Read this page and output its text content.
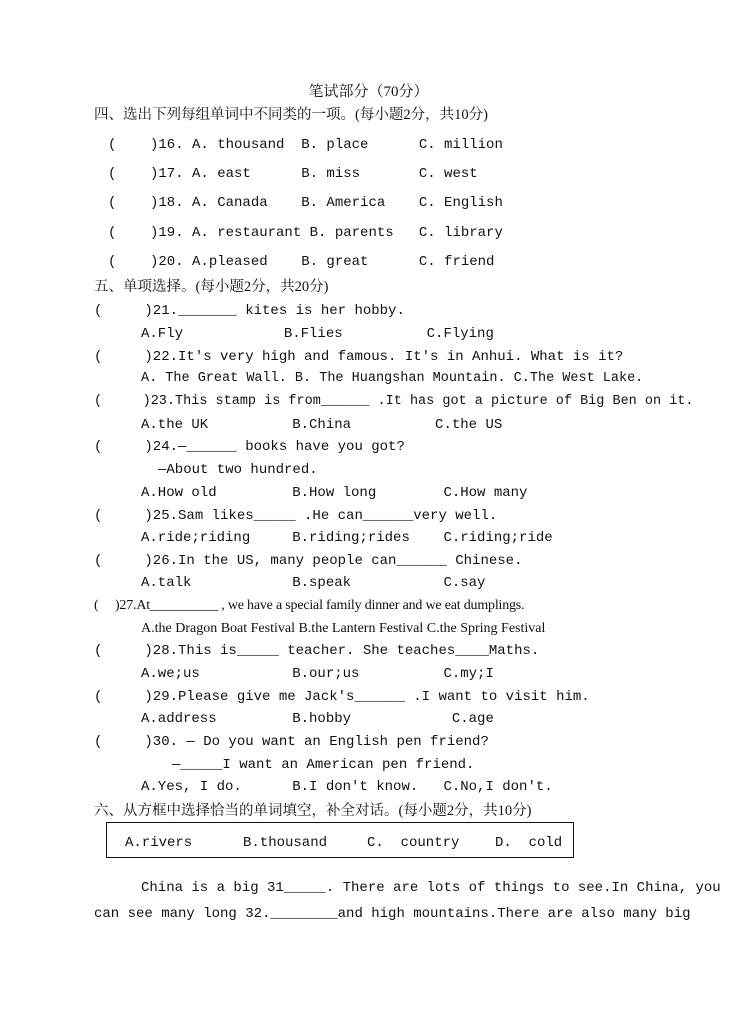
笔试部分（70分）
四、选出下列每组单词中不同类的一项。(每小题2分，共10分)
(    )16. A. thousand  B. place      C. million
(    )17. A. east      B. miss       C. west
(    )18. A. Canada    B. America    C. English
(    )19. A. restaurant B. parents   C. library
(    )20. A.pleased    B. great      C. friend
五、单项选择。(每小题2分，共20分)
(     )21._______ kites is her hobby.
A.Fly            B.Flies          C.Flying
(     )22.It's very high and famous. It's in Anhui. What is it?
A. The Great Wall. B. The Huangshan Mountain. C.The West Lake.
(     )23.This stamp is from______ .It has got a picture of Big Ben on it.
A.the UK          B.China          C.the US
(     )24.—______ books have you got?
—About two hundred.
A.How old         B.How long        C.How many
(     )25.Sam likes_____ .He can______very well.
A.ride;riding     B.riding;rides    C.riding;ride
(     )26.In the US, many people can______ Chinese.
A.talk            B.speak           C.say
(     )27.At__________ , we have a special family dinner and we eat dumplings.
A.the Dragon Boat Festival B.the Lantern Festival C.the Spring Festival
(     )28.This is_____ teacher. She teaches____Maths.
A.we;us           B.our;us          C.my;I
(     )29.Please give me Jack's______ .I want to visit him.
A.address         B.hobby            C.age
(     )30. — Do you want an English pen friend?
—_____I want an American pen friend.
A.Yes, I do.      B.I don't know.   C.No,I don't.
六、从方框中选择恰当的单词填空，补全对话。(每小题2分，共10分)
A.rivers	B.thousand	C.  country	D.  cold
China is a big 31_____. There are lots of things to see.In China, you
can see many long 32.________and high mountains.There are also many big
